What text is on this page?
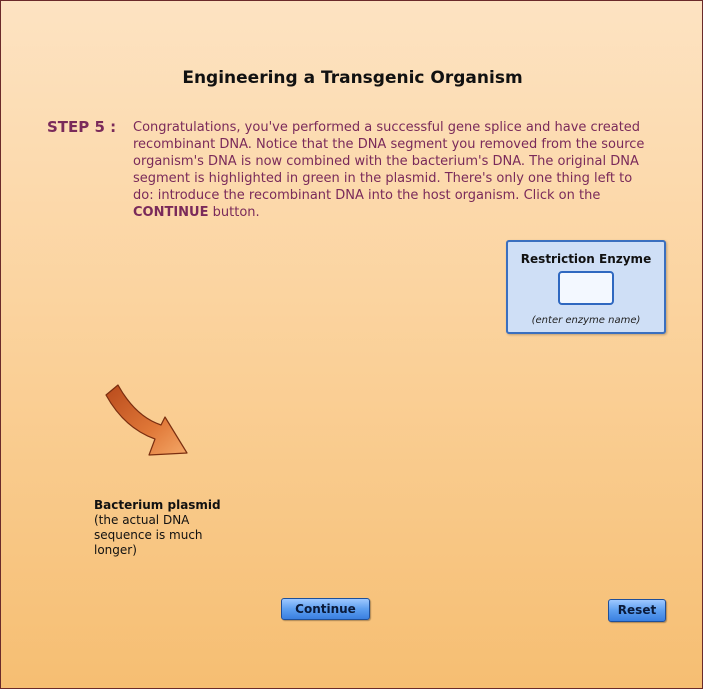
Engineering a Transgenic Organism
STEP 5 : Congratulations, you've performed a successful gene splice and have created recombinant DNA. Notice that the DNA segment you removed from the source organism's DNA is now combined with the bacterium's DNA. The original DNA segment is highlighted in green in the plasmid. There's only one thing left to do: introduce the recombinant DNA into the host organism. Click on the CONTINUE button.
Restriction Enzyme
(enter enzyme name)
Bacterium plasmid
(the actual DNA sequence is much longer)
Continue	Reset
